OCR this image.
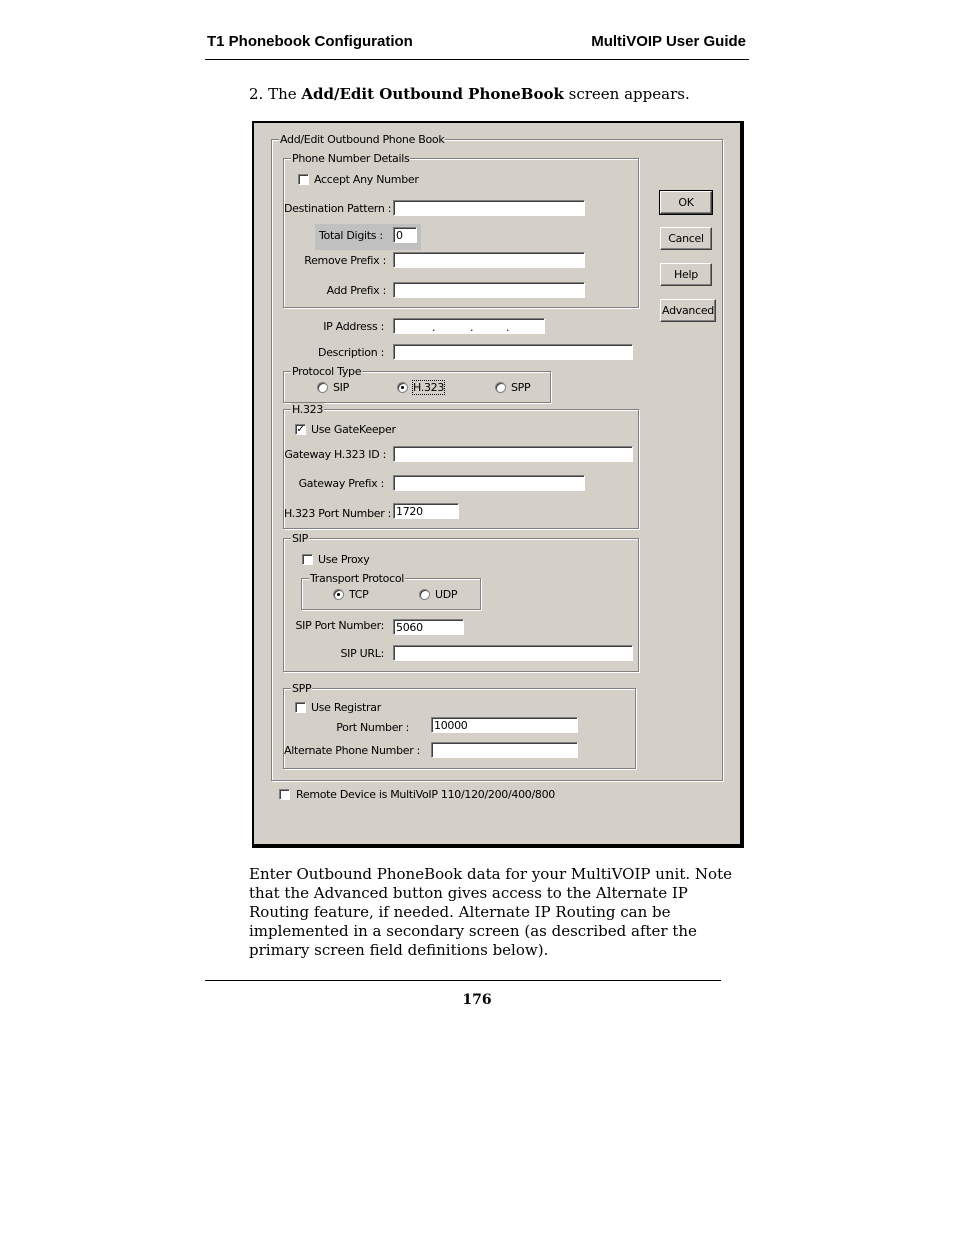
T1 Phonebook Configuration	MultiVOIP User Guide
2. The Add/Edit Outbound PhoneBook screen appears.
Add/Edit Outbound Phone Book
Phone Number Details
Accept Any Number
Destination Pattern :
Total Digits : 0
Remove Prefix :
Add Prefix :
IP Address :	.	.	.
Description :
Protocol Type
SIP	H.323	SPP
H.323
✓ Use GateKeeper
Gateway H.323 ID :
Gateway Prefix :
H.323 Port Number : 1720
SIP
Use Proxy
Transport Protocol
TCP	UDP
SIP Port Number: 5060
SIP URL:
SPP
Use Registrar
Port Number : 10000
Alternate Phone Number :
Remote Device is MultiVoIP 110/120/200/400/800
OK
Cancel
Help
Advanced
Enter Outbound PhoneBook data for your MultiVOIP unit. Note that the Advanced button gives access to the Alternate IP Routing feature, if needed. Alternate IP Routing can be implemented in a secondary screen (as described after the primary screen field definitions below).
176
